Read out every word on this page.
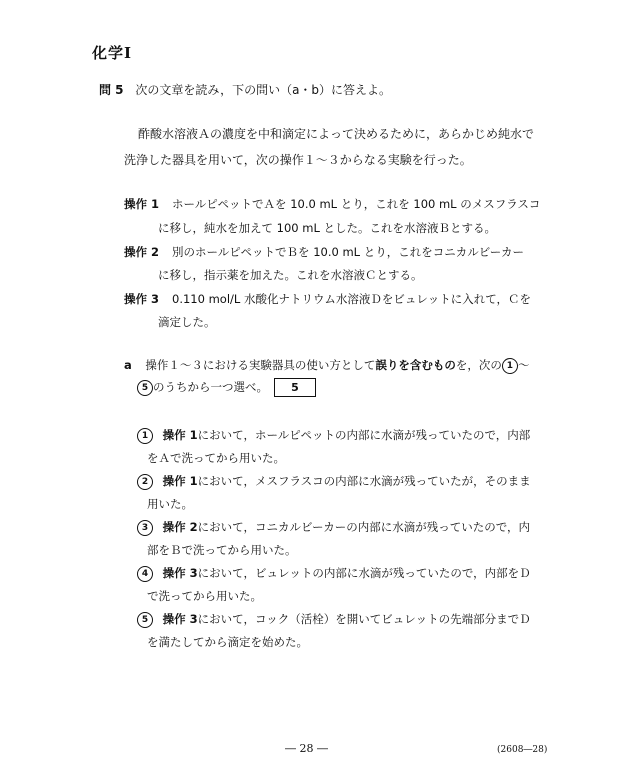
化学Ⅰ
問 5 次の文章を読み，下の問い（a・b）に答えよ。
酢酸水溶液Ａの濃度を中和滴定によって決めるために，あらかじめ純水で
洗浄した器具を用いて，次の操作１～３からなる実験を行った。
操作 1 ホールピペットでＡを 10.0 mL とり，これを 100 mL のメスフラスコ
に移し，純水を加えて 100 mL とした。これを水溶液Ｂとする。
操作 2 別のホールピペットでＢを 10.0 mL とり，これをコニカルビーカー
に移し，指示薬を加えた。これを水溶液Ｃとする。
操作 3 0.110 mol/L 水酸化ナトリウム水溶液Ｄをビュレットに入れて，Ｃを
滴定した。
a 操作１～３における実験器具の使い方として誤りを含むものを，次の 1 ～
5 のうちから一つ選べ。 5
1 操作 1において，ホールピペットの内部に水滴が残っていたので，内部
をＡで洗ってから用いた。
2 操作 1において，メスフラスコの内部に水滴が残っていたが，そのまま
用いた。
3 操作 2において，コニカルビーカーの内部に水滴が残っていたので，内
部をＢで洗ってから用いた。
4 操作 3において，ビュレットの内部に水滴が残っていたので，内部をＤ
で洗ってから用いた。
5 操作 3において，コック（活栓）を開いてビュレットの先端部分までＤ
を満たしてから滴定を始めた。
― 28 ―	(2608―28)
